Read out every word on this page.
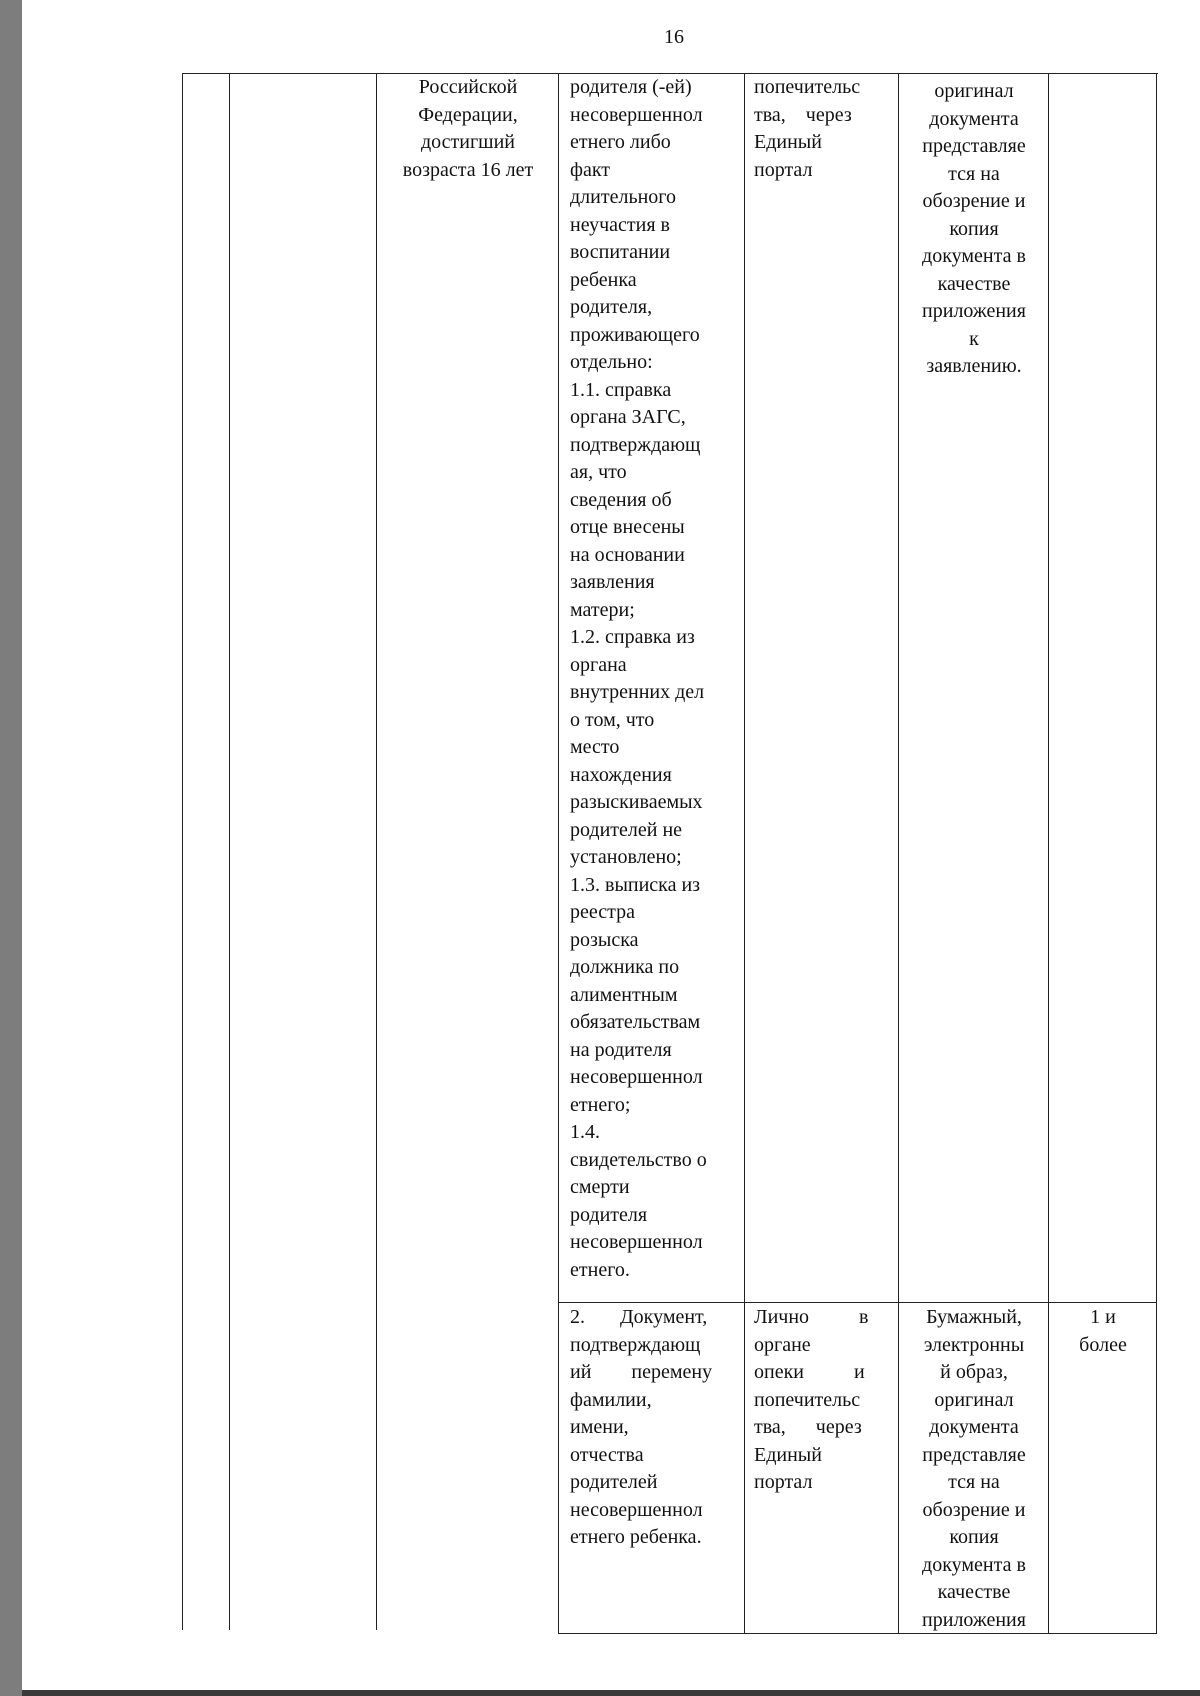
16
Российской
Федерации,
достигший
возраста 16 лет
родителя (-ей)
несовершеннол
етнего либо
факт
длительного
неучастия в
воспитании
ребенка
родителя,
проживающего
отдельно:
1.1. справка
органа ЗАГС,
подтверждающ
ая, что
сведения об
отце внесены
на основании
заявления
матери;
1.2. справка из
органа
внутренних дел
о том, что
место
нахождения
разыскиваемых
родителей не
установлено;
1.3. выписка из
реестра
розыска
должника по
алиментным
обязательствам
на родителя
несовершеннол
етнего;
1.4.
свидетельство о
смерти
родителя
несовершеннол
етнего.
попечительс
тва,    через
Единый
портал
оригинал
документа
представляе
тся на
обозрение и
копия
документа в
качестве
приложения
к
заявлению.
2.       Документ,
подтверждающ
ий        перемену
фамилии,
имени,
отчества
родителей
несовершеннол
етнего ребенка.
Лично          в
органе
опеки          и
попечительс
тва,      через
Единый
портал
Бумажный,
электронны
й образ,
оригинал
документа
представляе
тся на
обозрение и
копия
документа в
качестве
приложения
1 и
более
